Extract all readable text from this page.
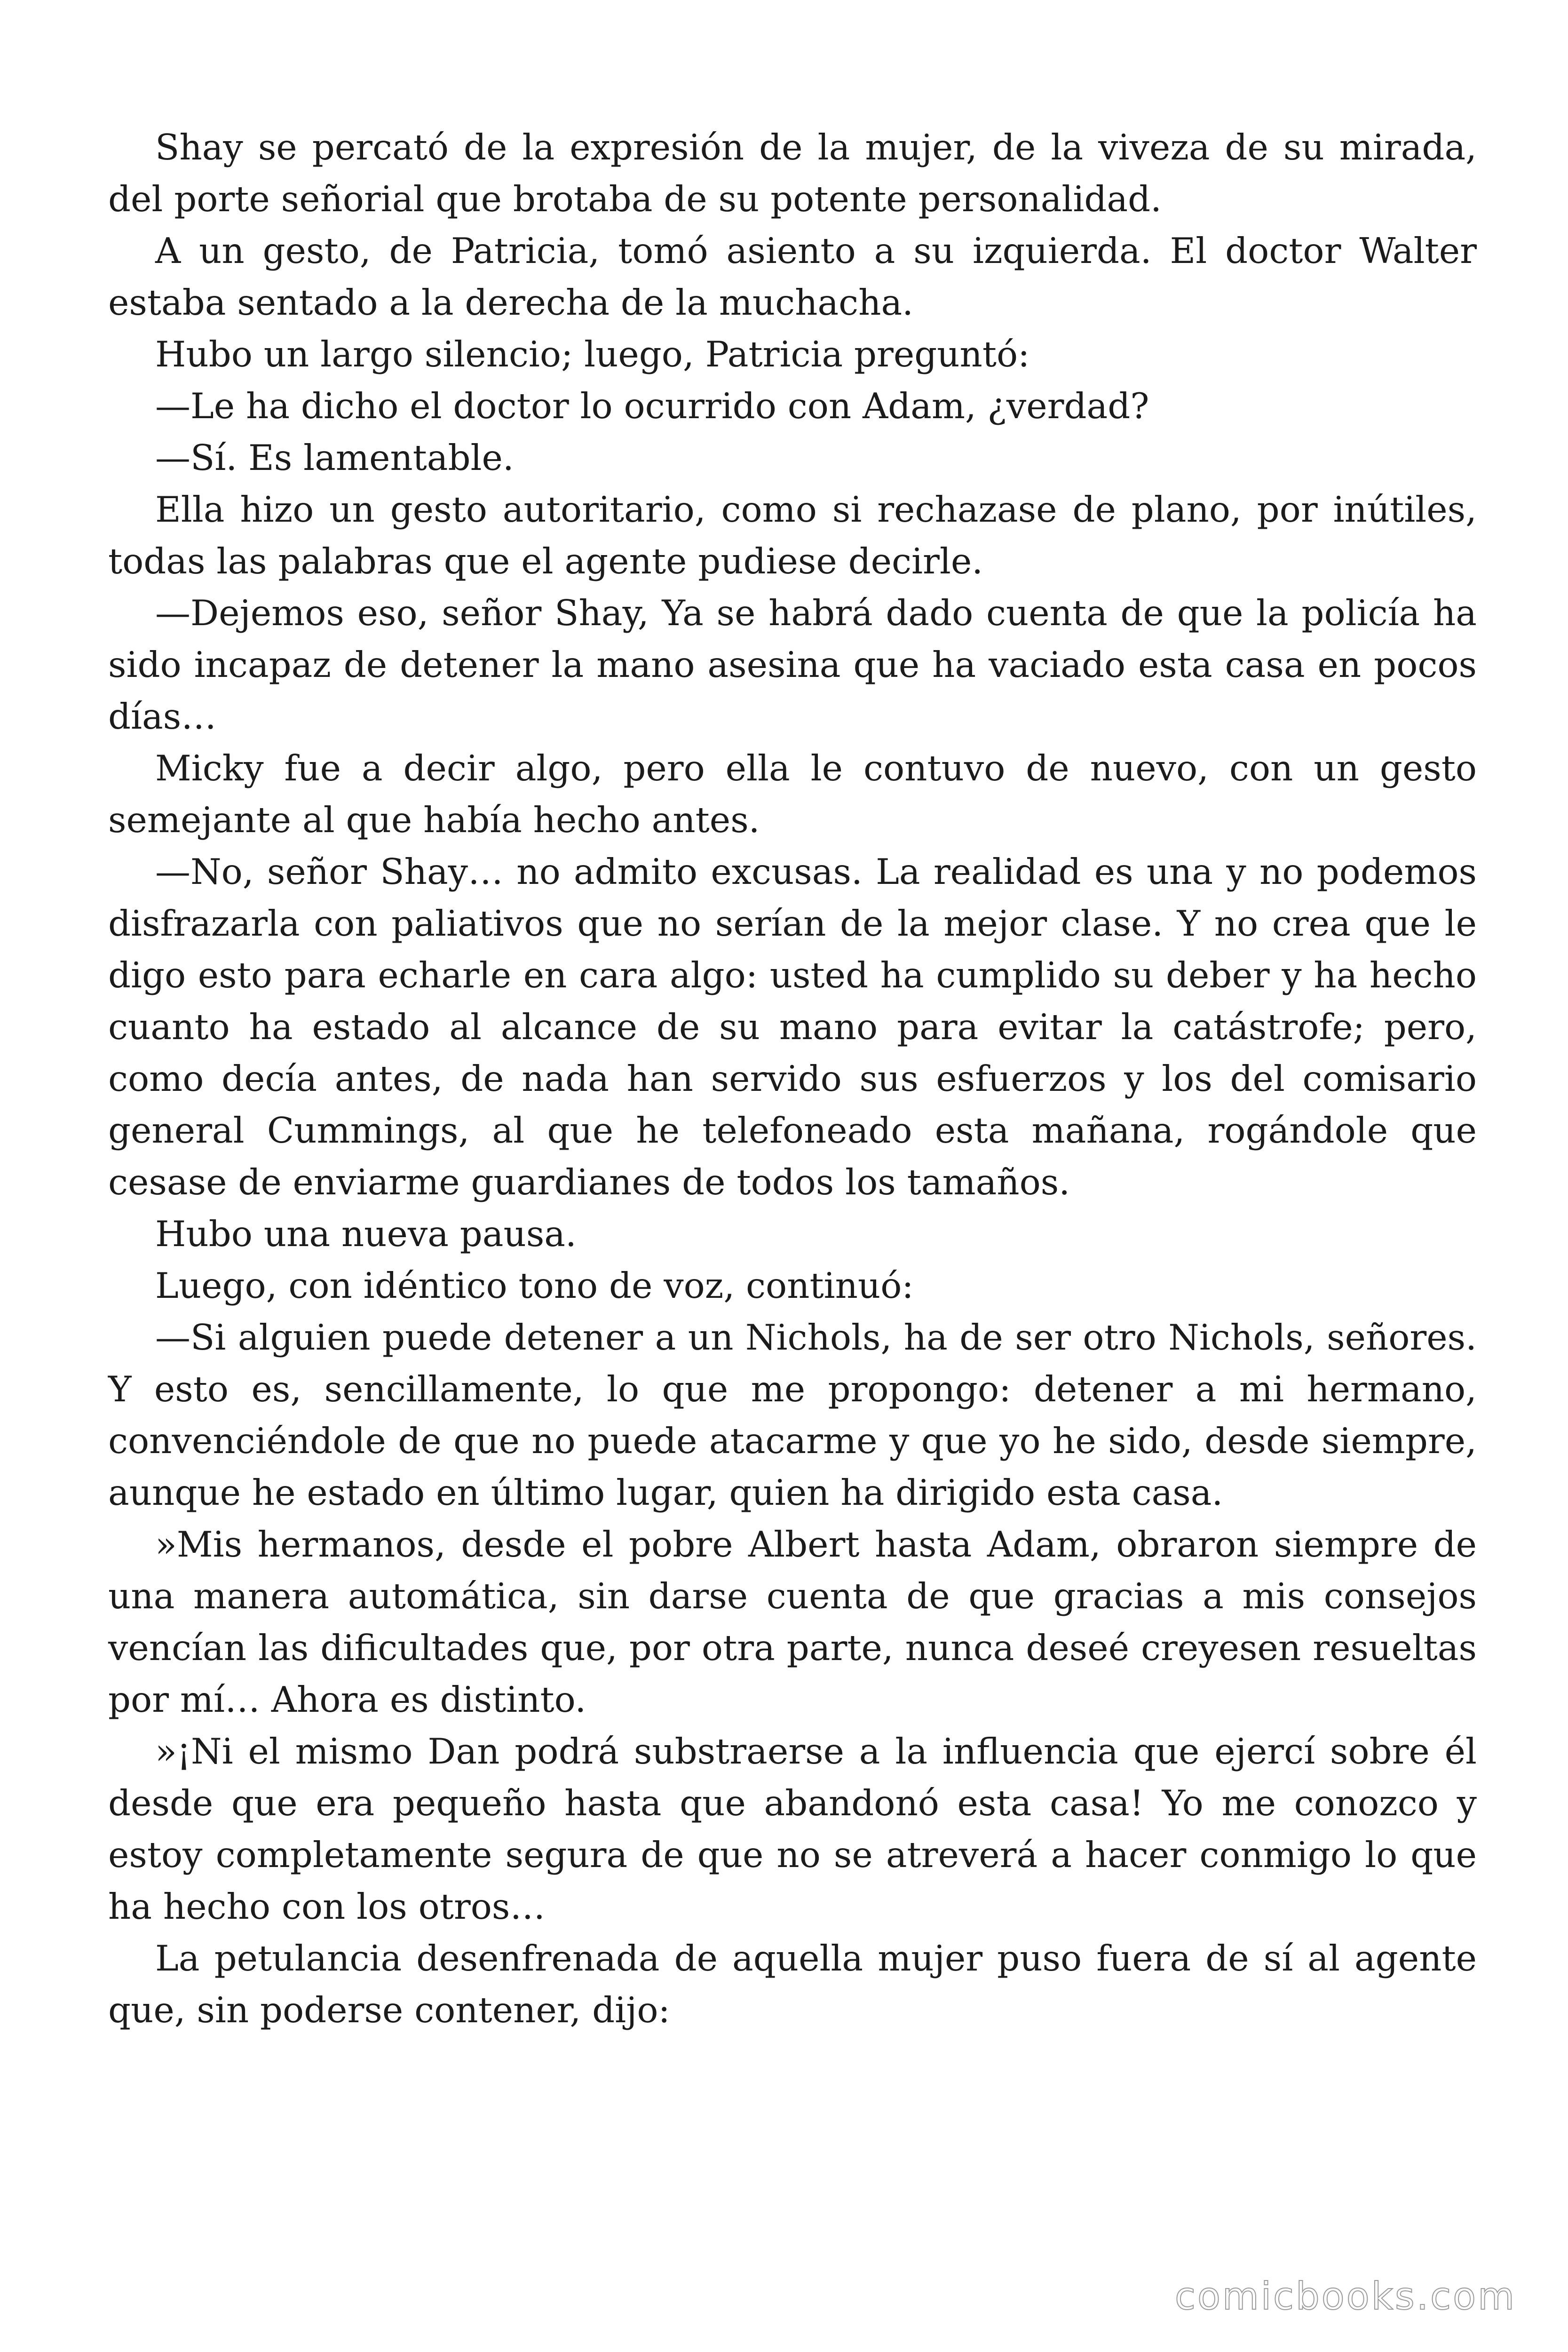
Shay se percató de la expresión de la mujer, de la viveza de su mirada, del porte señorial que brotaba de su potente personalidad.

A un gesto, de Patricia, tomó asiento a su izquierda. El doctor Walter estaba sentado a la derecha de la muchacha.

Hubo un largo silencio; luego, Patricia preguntó:

—Le ha dicho el doctor lo ocurrido con Adam, ¿verdad?

—Sí. Es lamentable.

Ella hizo un gesto autoritario, como si rechazase de plano, por inútiles, todas las palabras que el agente pudiese decirle.

—Dejemos eso, señor Shay, Ya se habrá dado cuenta de que la policía ha sido incapaz de detener la mano asesina que ha vaciado esta casa en pocos días…

Micky fue a decir algo, pero ella le contuvo de nuevo, con un gesto semejante al que había hecho antes.

—No, señor Shay… no admito excusas. La realidad es una y no podemos disfrazarla con paliativos que no serían de la mejor clase. Y no crea que le digo esto para echarle en cara algo: usted ha cumplido su deber y ha hecho cuanto ha estado al alcance de su mano para evitar la catástrofe; pero, como decía antes, de nada han servido sus esfuerzos y los del comisario general Cummings, al que he telefoneado esta mañana, rogándole que cesase de enviarme guardianes de todos los tamaños.

Hubo una nueva pausa.

Luego, con idéntico tono de voz, continuó:

—Si alguien puede detener a un Nichols, ha de ser otro Nichols, señores. Y esto es, sencillamente, lo que me propongo: detener a mi hermano, convenciéndole de que no puede atacarme y que yo he sido, desde siempre, aunque he estado en último lugar, quien ha dirigido esta casa.

»Mis hermanos, desde el pobre Albert hasta Adam, obraron siempre de una manera automática, sin darse cuenta de que gracias a mis consejos vencían las dificultades que, por otra parte, nunca deseé creyesen resueltas por mí… Ahora es distinto.

»¡Ni el mismo Dan podrá substraerse a la influencia que ejercí sobre él desde que era pequeño hasta que abandonó esta casa! Yo me conozco y estoy completamente segura de que no se atreverá a hacer conmigo lo que ha hecho con los otros…

La petulancia desenfrenada de aquella mujer puso fuera de sí al agente que, sin poderse contener, dijo:

comicbooks.com
